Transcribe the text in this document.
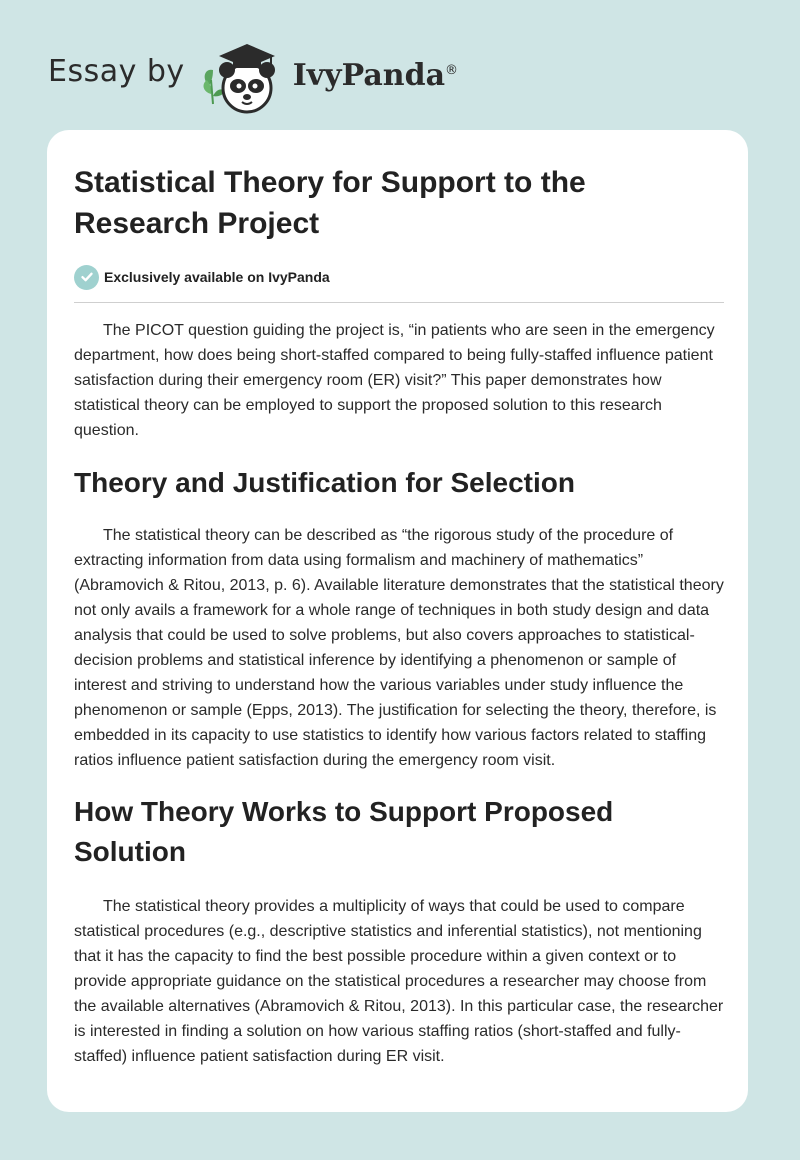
Essay by	IvyPanda®
Statistical Theory for Support to the Research Project
Exclusively available on IvyPanda

The PICOT question guiding the project is, “in patients who are seen in the emergency department, how does being short-staffed compared to being fully-staffed influence patient satisfaction during their emergency room (ER) visit?” This paper demonstrates how statistical theory can be employed to support the proposed solution to this research question.

Theory and Justification for Selection

The statistical theory can be described as “the rigorous study of the procedure of extracting information from data using formalism and machinery of mathematics” (Abramovich & Ritou, 2013, p. 6). Available literature demonstrates that the statistical theory not only avails a framework for a whole range of techniques in both study design and data analysis that could be used to solve problems, but also covers approaches to statistical-decision problems and statistical inference by identifying a phenomenon or sample of interest and striving to understand how the various variables under study influence the phenomenon or sample (Epps, 2013). The justification for selecting the theory, therefore, is embedded in its capacity to use statistics to identify how various factors related to staffing ratios influence patient satisfaction during the emergency room visit.

How Theory Works to Support Proposed Solution

The statistical theory provides a multiplicity of ways that could be used to compare statistical procedures (e.g., descriptive statistics and inferential statistics), not mentioning that it has the capacity to find the best possible procedure within a given context or to provide appropriate guidance on the statistical procedures a researcher may choose from the available alternatives (Abramovich & Ritou, 2013). In this particular case, the researcher is interested in finding a solution on how various staffing ratios (short-staffed and fully-staffed) influence patient satisfaction during ER visit.
